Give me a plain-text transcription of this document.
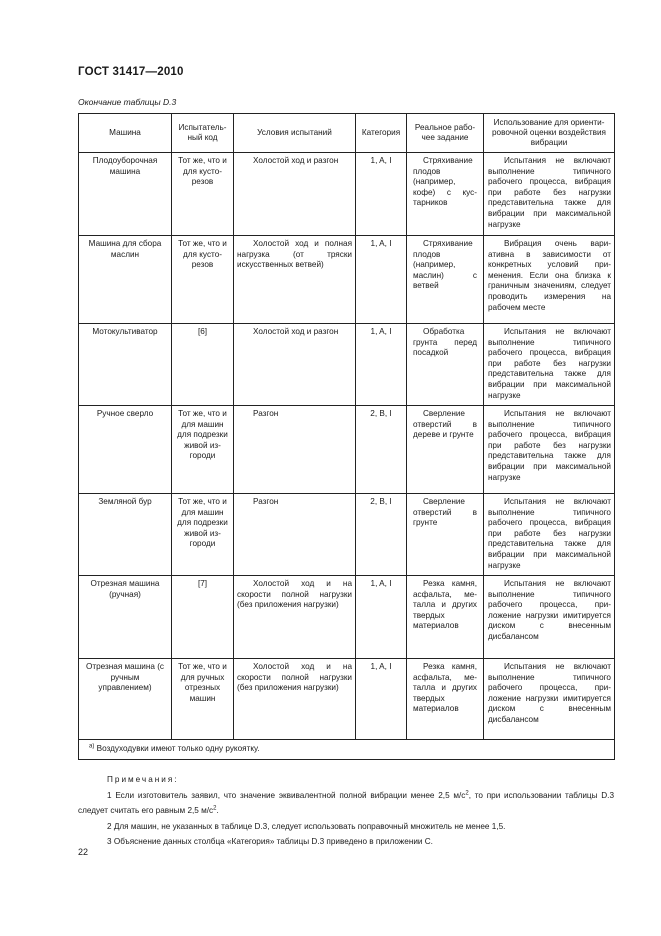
ГОСТ 31417—2010
Окончание таблицы D.3
Машина	Испытательный код	Условия испытаний	Категория	Реальное рабочее задание	Использование для ориентировочной оценки воздействия вибрации
Плодоуборочная машина	Тот же, что и для кусторезов	Холостой ход и разгон	1, A, I	Стряхивание плодов (например, кофе) с кустарников	Испытания не включают выполнение типичного рабочего процесса, вибрация при работе без нагрузки представительна также для вибрации при максимальной нагрузке
Машина для сбора маслин	Тот же, что и для кусторезов	Холостой ход и полная нагрузка (от тряски искусственных ветвей)	1, A, I	Стряхивание плодов (например, маслин) с ветвей	Вибрация очень вариативна в зависимости от конкретных условий применения. Если она близка к граничным значениям, следует проводить измерения на рабочем месте
Мотокультиватор	[6]	Холостой ход и разгон	1, A, I	Обработка грунта перед посадкой	Испытания не включают выполнение типичного рабочего процесса, вибрация при работе без нагрузки представительна также для вибрации при максимальной нагрузке
Ручное сверло	Тот же, что и для машин для подрезки живой изгороди	Разгон	2, B, I	Сверление отверстий в дереве и грунте	Испытания не включают выполнение типичного рабочего процесса, вибрация при работе без нагрузки представительна также для вибрации при максимальной нагрузке
Земляной бур	Тот же, что и для машин для подрезки живой изгороди	Разгон	2, B, I	Сверление отверстий в грунте	Испытания не включают выполнение типичного рабочего процесса, вибрация при работе без нагрузки представительна также для вибрации при максимальной нагрузке
Отрезная машина (ручная)	[7]	Холостой ход и на скорости полной нагрузки (без приложения нагрузки)	1, A, I	Резка камня, асфальта, металла и других твердых материалов	Испытания не включают выполнение типичного рабочего процесса, приложение нагрузки имитируется диском с внесенным дисбалансом
Отрезная машина (с ручным управлением)	Тот же, что и для ручных отрезных машин	Холостой ход и на скорости полной нагрузки (без приложения нагрузки)	1, A, I	Резка камня, асфальта, металла и других твердых материалов	Испытания не включают выполнение типичного рабочего процесса, приложение нагрузки имитируется диском с внесенным дисбалансом
$^{a)}$ Воздуходувки имеют только одну рукоятку.					
Примечания:
1 Если изготовитель заявил, что значение эквивалентной полной вибрации менее 2,5 $м/с^2$, то при использовании таблицы D.3 следует считать его равным 2,5 $м/с^2$.
2 Для машин, не указанных в таблице D.3, следует использовать поправочный множитель не менее 1,5.
3 Объяснение данных столбца «Категория» таблицы D.3 приведено в приложении С.
22
